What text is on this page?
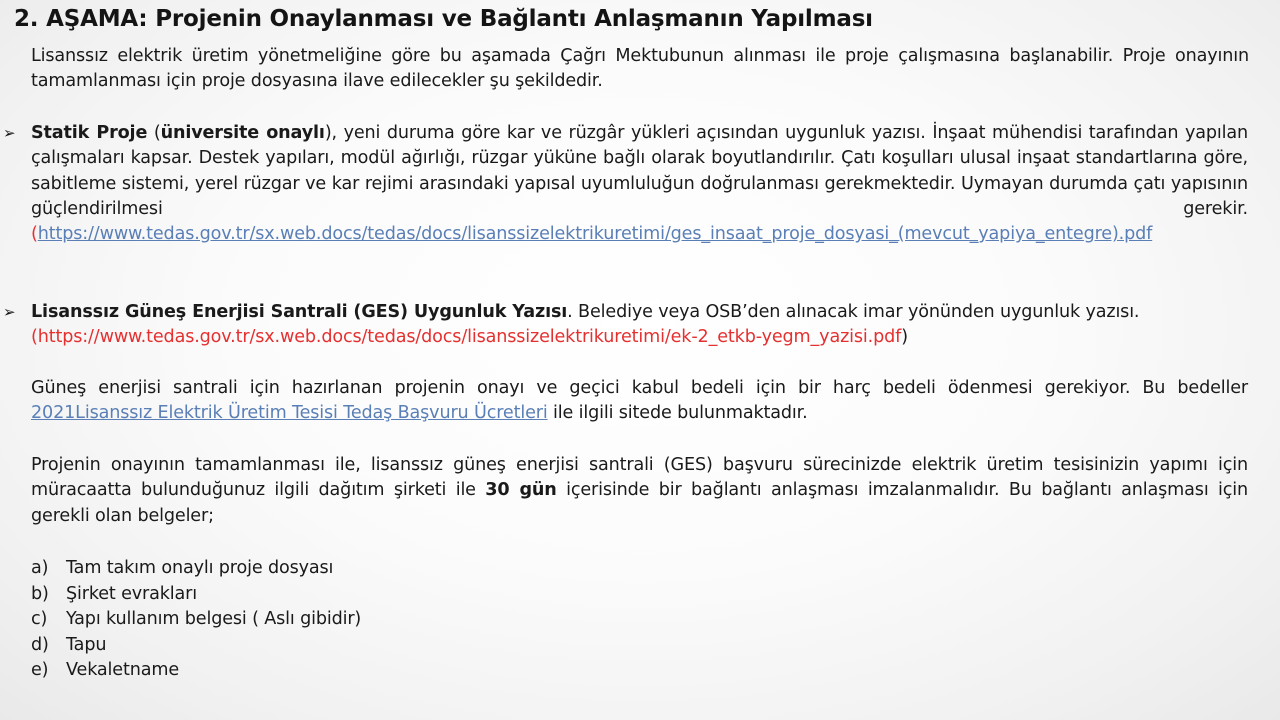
2. AŞAMA: Projenin Onaylanması ve Bağlantı Anlaşmanın Yapılması

Lisanssız elektrik üretim yönetmeliğine göre bu aşamada Çağrı Mektubunun alınması ile proje çalışmasına başlanabilir. Proje onayının tamamlanması için proje dosyasına ilave edilecekler şu şekildedir.

➢ Statik Proje (üniversite onaylı), yeni duruma göre kar ve rüzgâr yükleri açısından uygunluk yazısı. İnşaat mühendisi tarafından yapılan çalışmaları kapsar. Destek yapıları, modül ağırlığı, rüzgar yüküne bağlı olarak boyutlandırılır. Çatı koşulları ulusal inşaat standartlarına göre, sabitleme sistemi, yerel rüzgar ve kar rejimi arasındaki yapısal uyumluluğun doğrulanması gerekmektedir. Uymayan durumda çatı yapısının güçlendirilmesi gerekir.(https://www.tedas.gov.tr/sx.web.docs/tedas/docs/lisanssizelektrikuretimi/ges_insaat_proje_dosyasi_(mevcut_yapiya_entegre).pdf

➢ Lisanssız Güneş Enerjisi Santrali (GES) Uygunluk Yazısı. Belediye veya OSB’den alınacak imar yönünden uygunluk yazısı.(https://www.tedas.gov.tr/sx.web.docs/tedas/docs/lisanssizelektrikuretimi/ek-2_etkb-yegm_yazisi.pdf)

Güneş enerjisi santrali için hazırlanan projenin onayı ve geçici kabul bedeli için bir harç bedeli ödenmesi gerekiyor. Bu bedeller 2021Lisanssız Elektrik Üretim Tesisi Tedaş Başvuru Ücretleri ile ilgili sitede bulunmaktadır.

Projenin onayının tamamlanması ile, lisanssız güneş enerjisi santrali (GES) başvuru sürecinizde elektrik üretim tesisinizin yapımı için müracaatta bulunduğunuz ilgili dağıtım şirketi ile 30 gün içerisinde bir bağlantı anlaşması imzalanmalıdır. Bu bağlantı anlaşması için gerekli olan belgeler;

a) Tam takım onaylı proje dosyası
b) Şirket evrakları
c) Yapı kullanım belgesi ( Aslı gibidir)
d) Tapu
e) Vekaletname
